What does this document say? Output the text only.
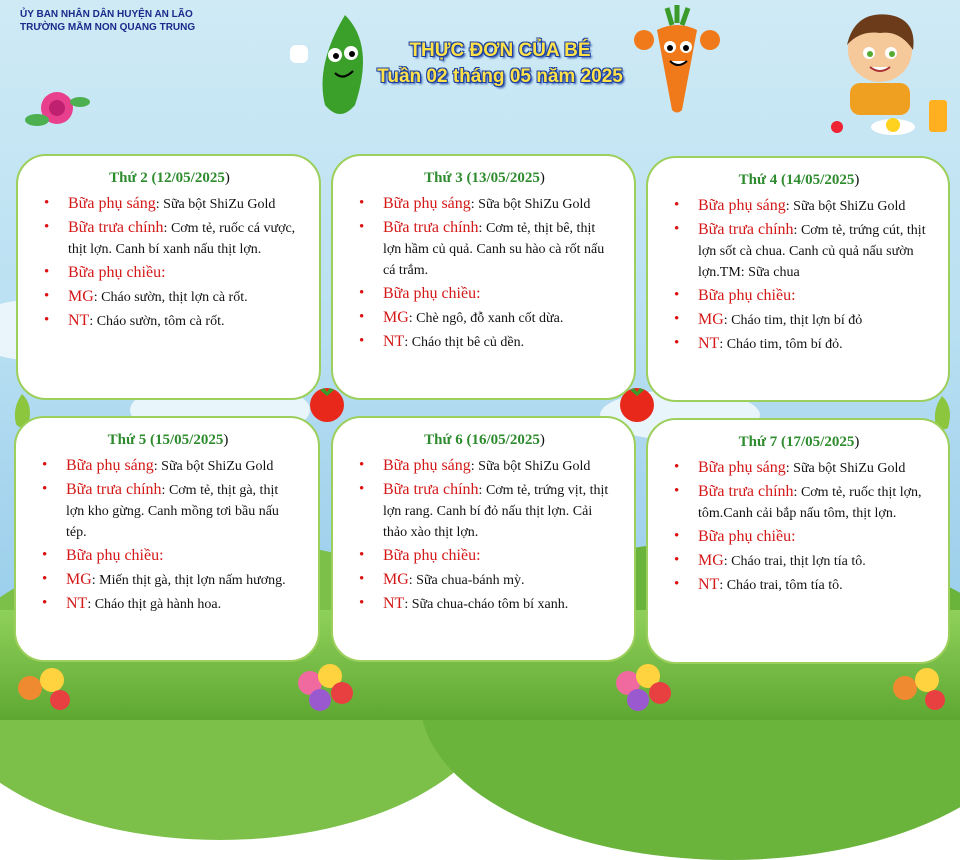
ỦY BAN NHÂN DÂN HUYỆN AN LÃO
TRƯỜNG MẦM NON QUANG TRUNG
THỰC ĐƠN CỦA BÉ
Tuần 02 tháng 05 năm 2025
Thứ 2 (12/05/2025)
• Bữa phụ sáng: Sữa bột ShiZu Gold
• Bữa trưa chính: Cơm tẻ, ruốc cá vược, thịt lợn. Canh bí xanh nấu thịt lợn.
• Bữa phụ chiều:
• MG: Cháo sườn, thịt lợn cà rốt.
• NT: Cháo sườn, tôm cà rốt.
Thứ 3 (13/05/2025)
• Bữa phụ sáng: Sữa bột ShiZu Gold
• Bữa trưa chính: Cơm tẻ, thịt bê, thịt lợn hầm củ quả. Canh su hào cà rốt nấu cá trắm.
• Bữa phụ chiều:
• MG: Chè ngô, đỗ xanh cốt dừa.
• NT: Cháo thịt bê củ dền.
Thứ 4 (14/05/2025)
• Bữa phụ sáng: Sữa bột ShiZu Gold
• Bữa trưa chính: Cơm tẻ, trứng cút, thịt lợn sốt cà chua. Canh củ quả nấu sườn lợn.TM: Sữa chua
• Bữa phụ chiều:
• MG: Cháo tim, thịt lợn bí đỏ
• NT: Cháo tim, tôm bí đỏ.
Thứ 5 (15/05/2025)
• Bữa phụ sáng: Sữa bột ShiZu Gold
• Bữa trưa chính: Cơm tẻ, thịt gà, thịt lợn kho gừng. Canh mồng tơi bầu nấu tép.
• Bữa phụ chiều:
• MG: Miến thịt gà, thịt lợn nấm hương.
• NT: Cháo thịt gà hành hoa.
Thứ 6 (16/05/2025)
• Bữa phụ sáng: Sữa bột ShiZu Gold
• Bữa trưa chính: Cơm tẻ, trứng vịt, thịt lợn rang. Canh bí đỏ nấu thịt lợn. Cải thảo xào thịt lợn.
• Bữa phụ chiều:
• MG: Sữa chua-bánh mỳ.
• NT: Sữa chua-cháo tôm bí xanh.
Thứ 7 (17/05/2025)
• Bữa phụ sáng: Sữa bột ShiZu Gold
• Bữa trưa chính: Cơm tẻ, ruốc thịt lợn, tôm.Canh cải bắp nấu tôm, thịt lợn.
• Bữa phụ chiều:
• MG: Cháo trai, thịt lợn tía tô.
• NT: Cháo trai, tôm tía tô.
